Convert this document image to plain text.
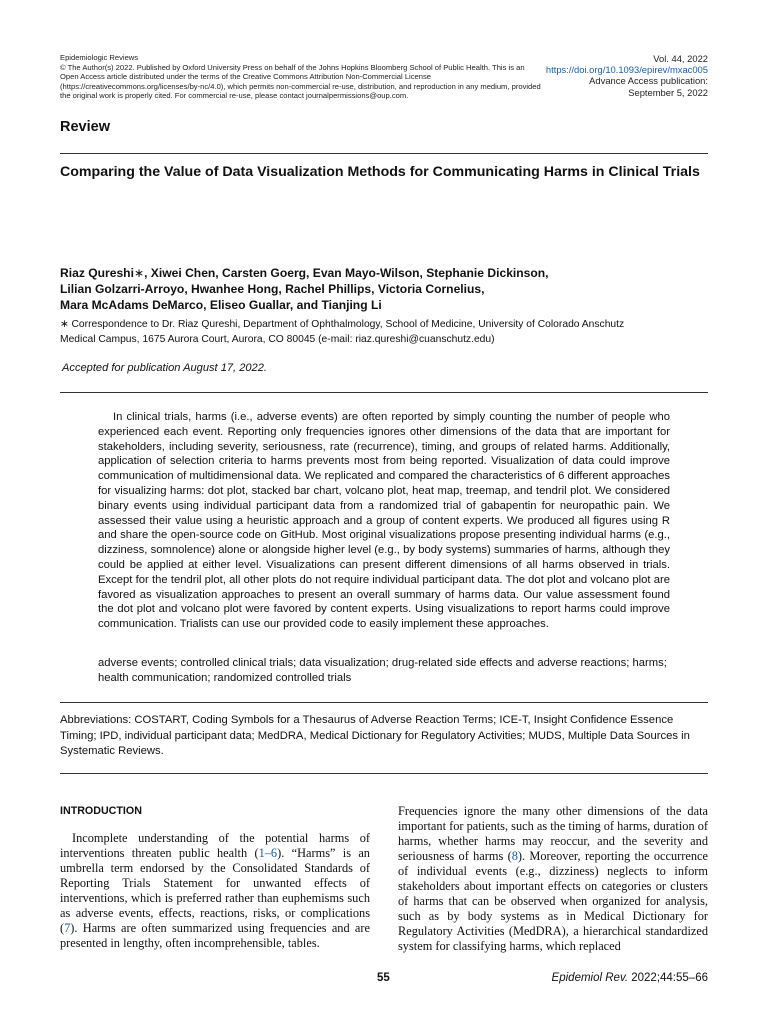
Epidemiologic Reviews
© The Author(s) 2022. Published by Oxford University Press on behalf of the Johns Hopkins Bloomberg School of Public Health. This is an
Open Access article distributed under the terms of the Creative Commons Attribution Non-Commercial License
(https://creativecommons.org/licenses/by-nc/4.0), which permits non-commercial re-use, distribution, and reproduction in any medium, provided
the original work is properly cited. For commercial re-use, please contact journalpermissions@oup.com.
Vol. 44, 2022
https://doi.org/10.1093/epirev/mxac005
Advance Access publication:
September 5, 2022
Review
Comparing the Value of Data Visualization Methods for Communicating Harms in Clinical Trials
Riaz Qureshi∗, Xiwei Chen, Carsten Goerg, Evan Mayo-Wilson, Stephanie Dickinson,
Lilian Golzarri-Arroyo, Hwanhee Hong, Rachel Phillips, Victoria Cornelius,
Mara McAdams DeMarco, Eliseo Guallar, and Tianjing Li
∗ Correspondence to Dr. Riaz Qureshi, Department of Ophthalmology, School of Medicine, University of Colorado Anschutz
Medical Campus, 1675 Aurora Court, Aurora, CO 80045 (e-mail: riaz.qureshi@cuanschutz.edu)
Accepted for publication August 17, 2022.

In clinical trials, harms (i.e., adverse events) are often reported by simply counting the number of people who experienced each event. Reporting only frequencies ignores other dimensions of the data that are important for stakeholders, including severity, seriousness, rate (recurrence), timing, and groups of related harms. Additionally, application of selection criteria to harms prevents most from being reported. Visualization of data could improve communication of multidimensional data. We replicated and compared the characteristics of 6 different approaches for visualizing harms: dot plot, stacked bar chart, volcano plot, heat map, treemap, and tendril plot. We considered binary events using individual participant data from a randomized trial of gabapentin for neuropathic pain. We assessed their value using a heuristic approach and a group of content experts. We produced all figures using R and share the open-source code on GitHub. Most original visualizations propose presenting individual harms (e.g., dizziness, somnolence) alone or alongside higher level (e.g., by body systems) summaries of harms, although they could be applied at either level. Visualizations can present different dimensions of all harms observed in trials. Except for the tendril plot, all other plots do not require individual participant data. The dot plot and volcano plot are favored as visualization approaches to present an overall summary of harms data. Our value assessment found the dot plot and volcano plot were favored by content experts. Using visualizations to report harms could improve communication. Trialists can use our provided code to easily implement these approaches.

adverse events; controlled clinical trials; data visualization; drug-related side effects and adverse reactions; harms; health communication; randomized controlled trials
Abbreviations: COSTART, Coding Symbols for a Thesaurus of Adverse Reaction Terms; ICE-T, Insight Confidence Essence Timing; IPD, individual participant data; MedDRA, Medical Dictionary for Regulatory Activities; MUDS, Multiple Data Sources in Systematic Reviews.
INTRODUCTION

Incomplete understanding of the potential harms of interventions threaten public health (1–6). “Harms” is an umbrella term endorsed by the Consolidated Standards of Reporting Trials Statement for unwanted effects of interventions, which is preferred rather than euphemisms such as adverse events, effects, reactions, risks, or complications (7). Harms are often summarized using frequencies and are presented in lengthy, often incomprehensible, tables.

Frequencies ignore the many other dimensions of the data important for patients, such as the timing of harms, duration of harms, whether harms may reoccur, and the severity and seriousness of harms (8). Moreover, reporting the occurrence of individual events (e.g., dizziness) neglects to inform stakeholders about important effects on categories or clusters of harms that can be observed when organized for analysis, such as by body systems as in Medical Dictionary for Regulatory Activities (MedDRA), a hierarchical standardized system for classifying harms, which replaced

55	Epidemiol Rev. 2022;44:55–66
